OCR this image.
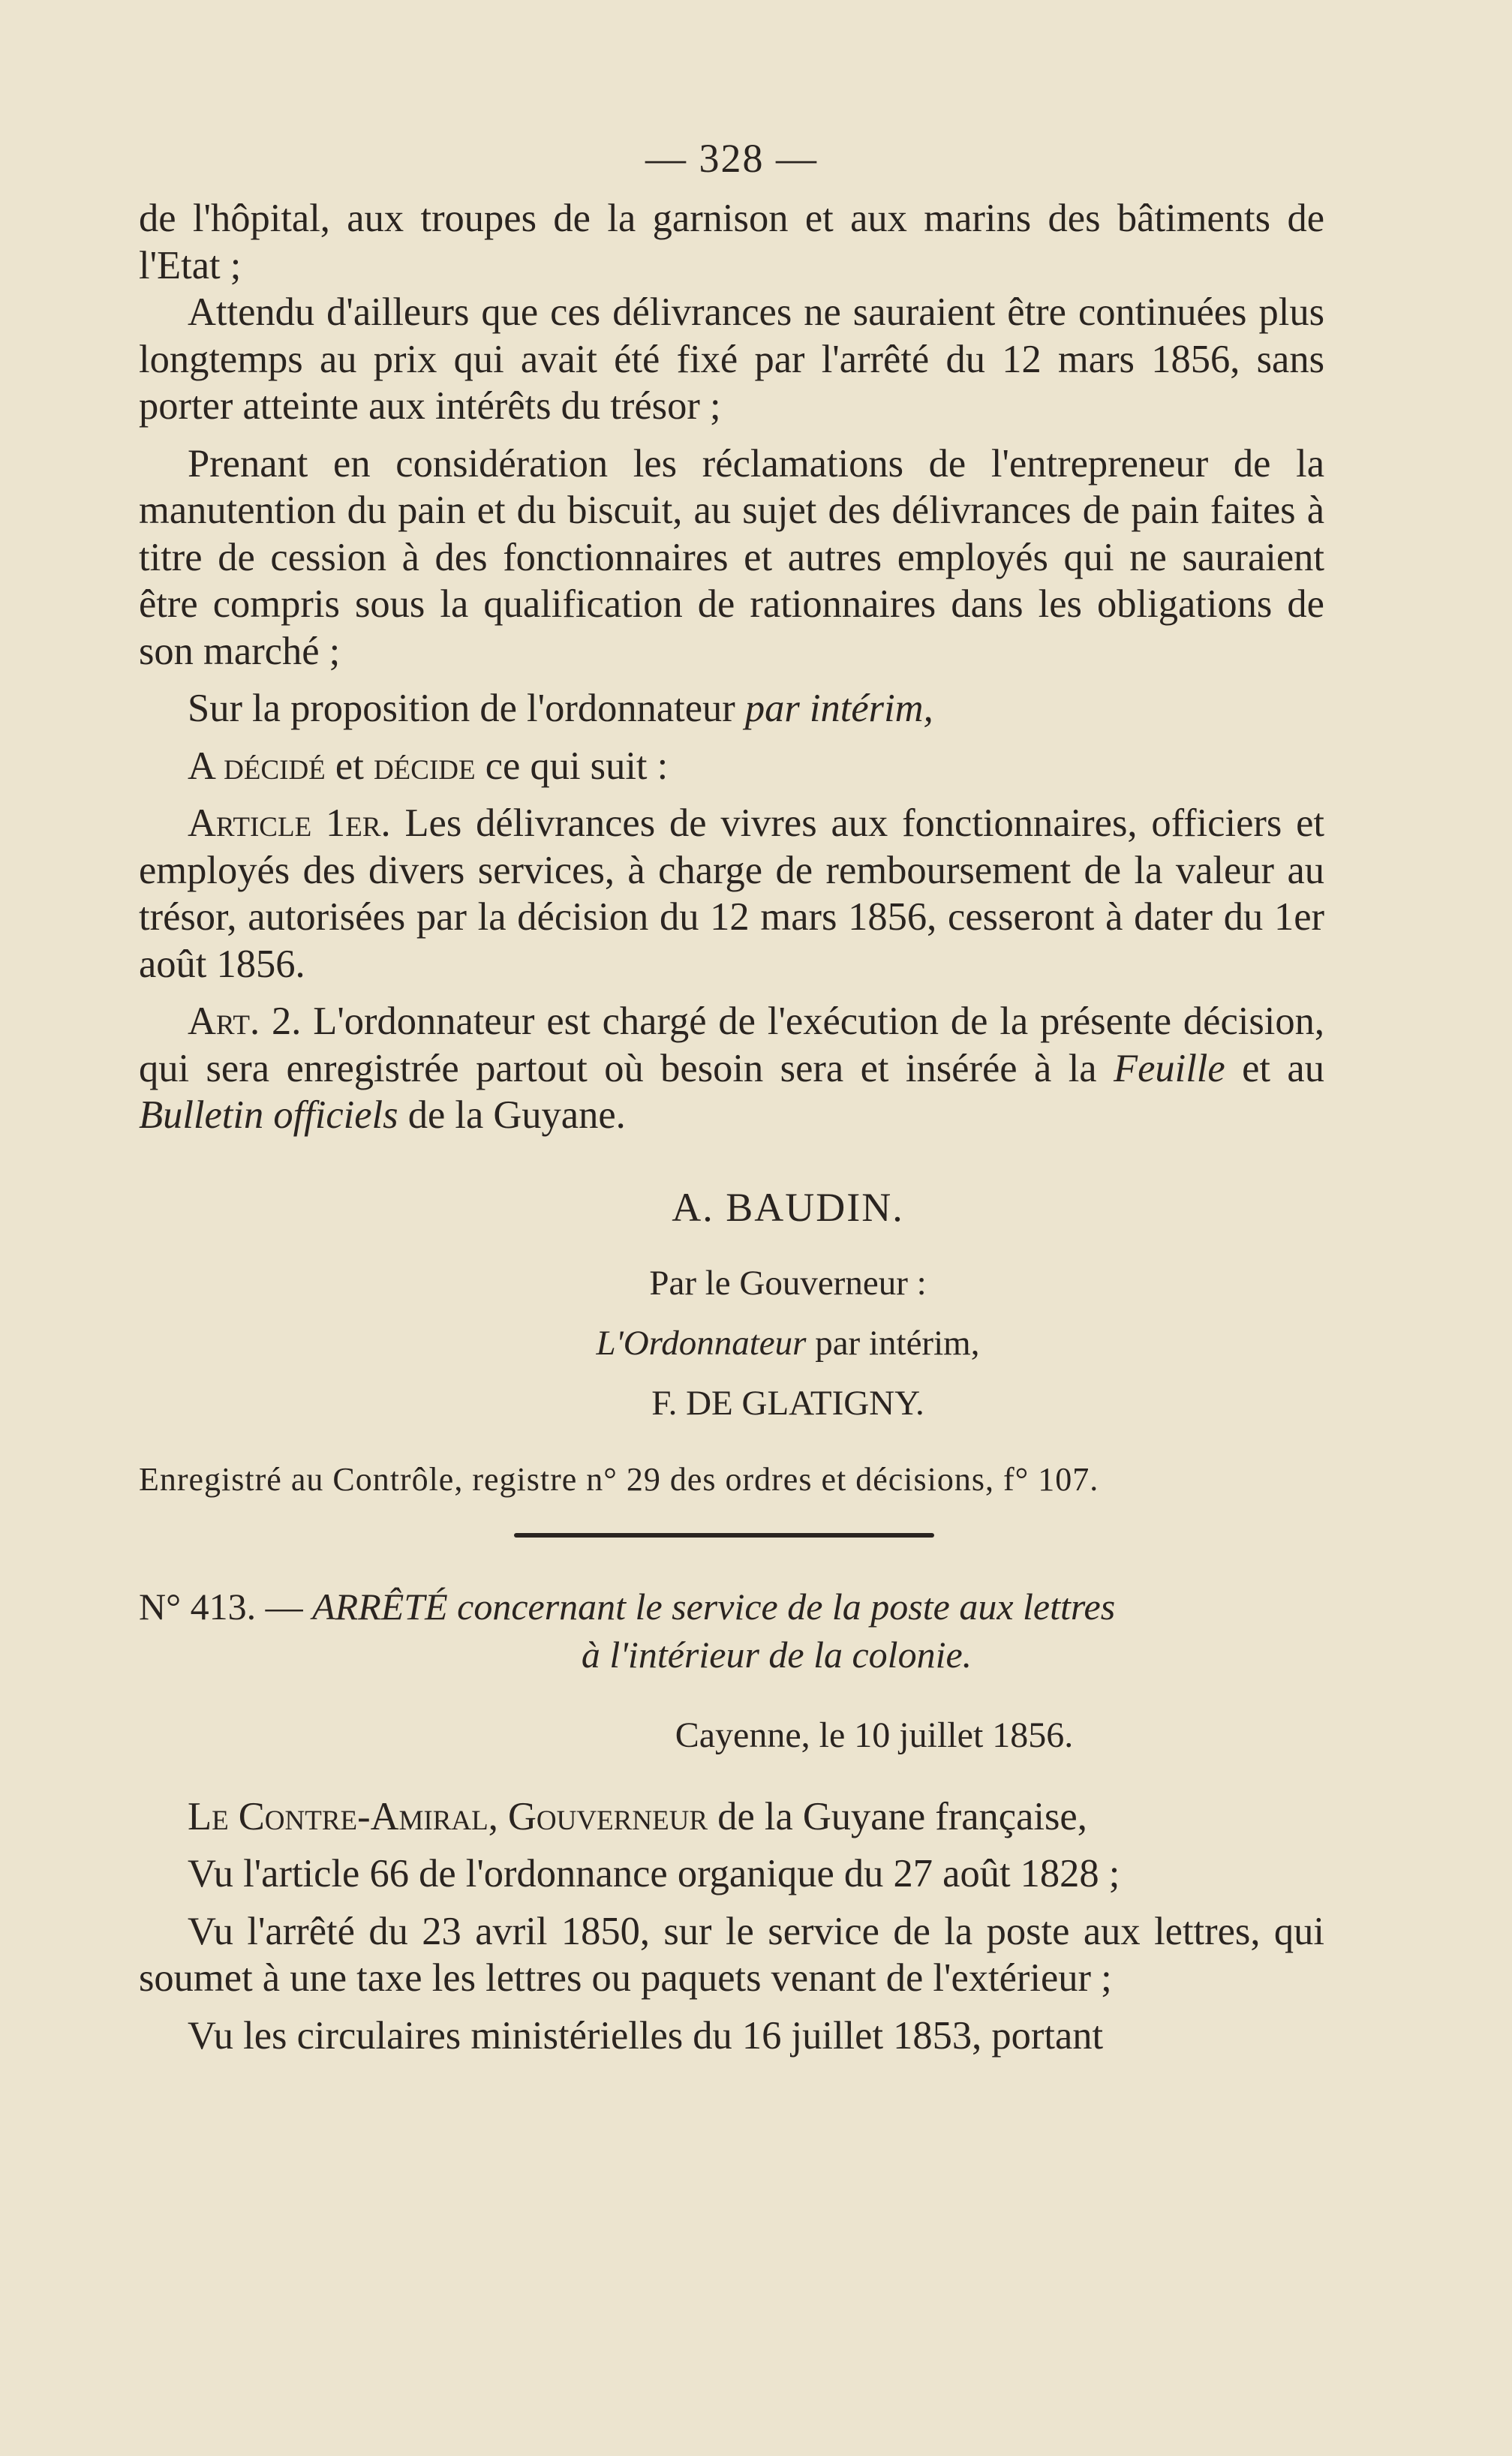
— 328 —

de l'hôpital, aux troupes de la garnison et aux marins des bâtiments de l'Etat ;

Attendu d'ailleurs que ces délivrances ne sauraient être continuées plus longtemps au prix qui avait été fixé par l'arrêté du 12 mars 1856, sans porter atteinte aux intérêts du trésor ;

Prenant en considération les réclamations de l'entrepreneur de la manutention du pain et du biscuit, au sujet des délivrances de pain faites à titre de cession à des fonctionnaires et autres employés qui ne sauraient être compris sous la qualification de rationnaires dans les obligations de son marché ;

Sur la proposition de l'ordonnateur par intérim,

A décidé et décide ce qui suit :

Article 1er. Les délivrances de vivres aux fonctionnaires, officiers et employés des divers services, à charge de remboursement de la valeur au trésor, autorisées par la décision du 12 mars 1856, cesseront à dater du 1er août 1856.

Art. 2. L'ordonnateur est chargé de l'exécution de la présente décision, qui sera enregistrée partout où besoin sera et insérée à la Feuille et au Bulletin officiels de la Guyane.

A. BAUDIN.
Par le Gouverneur :
L'Ordonnateur par intérim,
F. DE GLATIGNY.
Enregistré au Contrôle, registre n° 29 des ordres et décisions, f° 107.
N° 413. — ARRÊTÉ concernant le service de la poste aux lettres
à l'intérieur de la colonie.
Cayenne, le 10 juillet 1856.

Le Contre-Amiral, Gouverneur de la Guyane française,

Vu l'article 66 de l'ordonnance organique du 27 août 1828 ;

Vu l'arrêté du 23 avril 1850, sur le service de la poste aux lettres, qui soumet à une taxe les lettres ou paquets venant de l'extérieur ;

Vu les circulaires ministérielles du 16 juillet 1853, portant
